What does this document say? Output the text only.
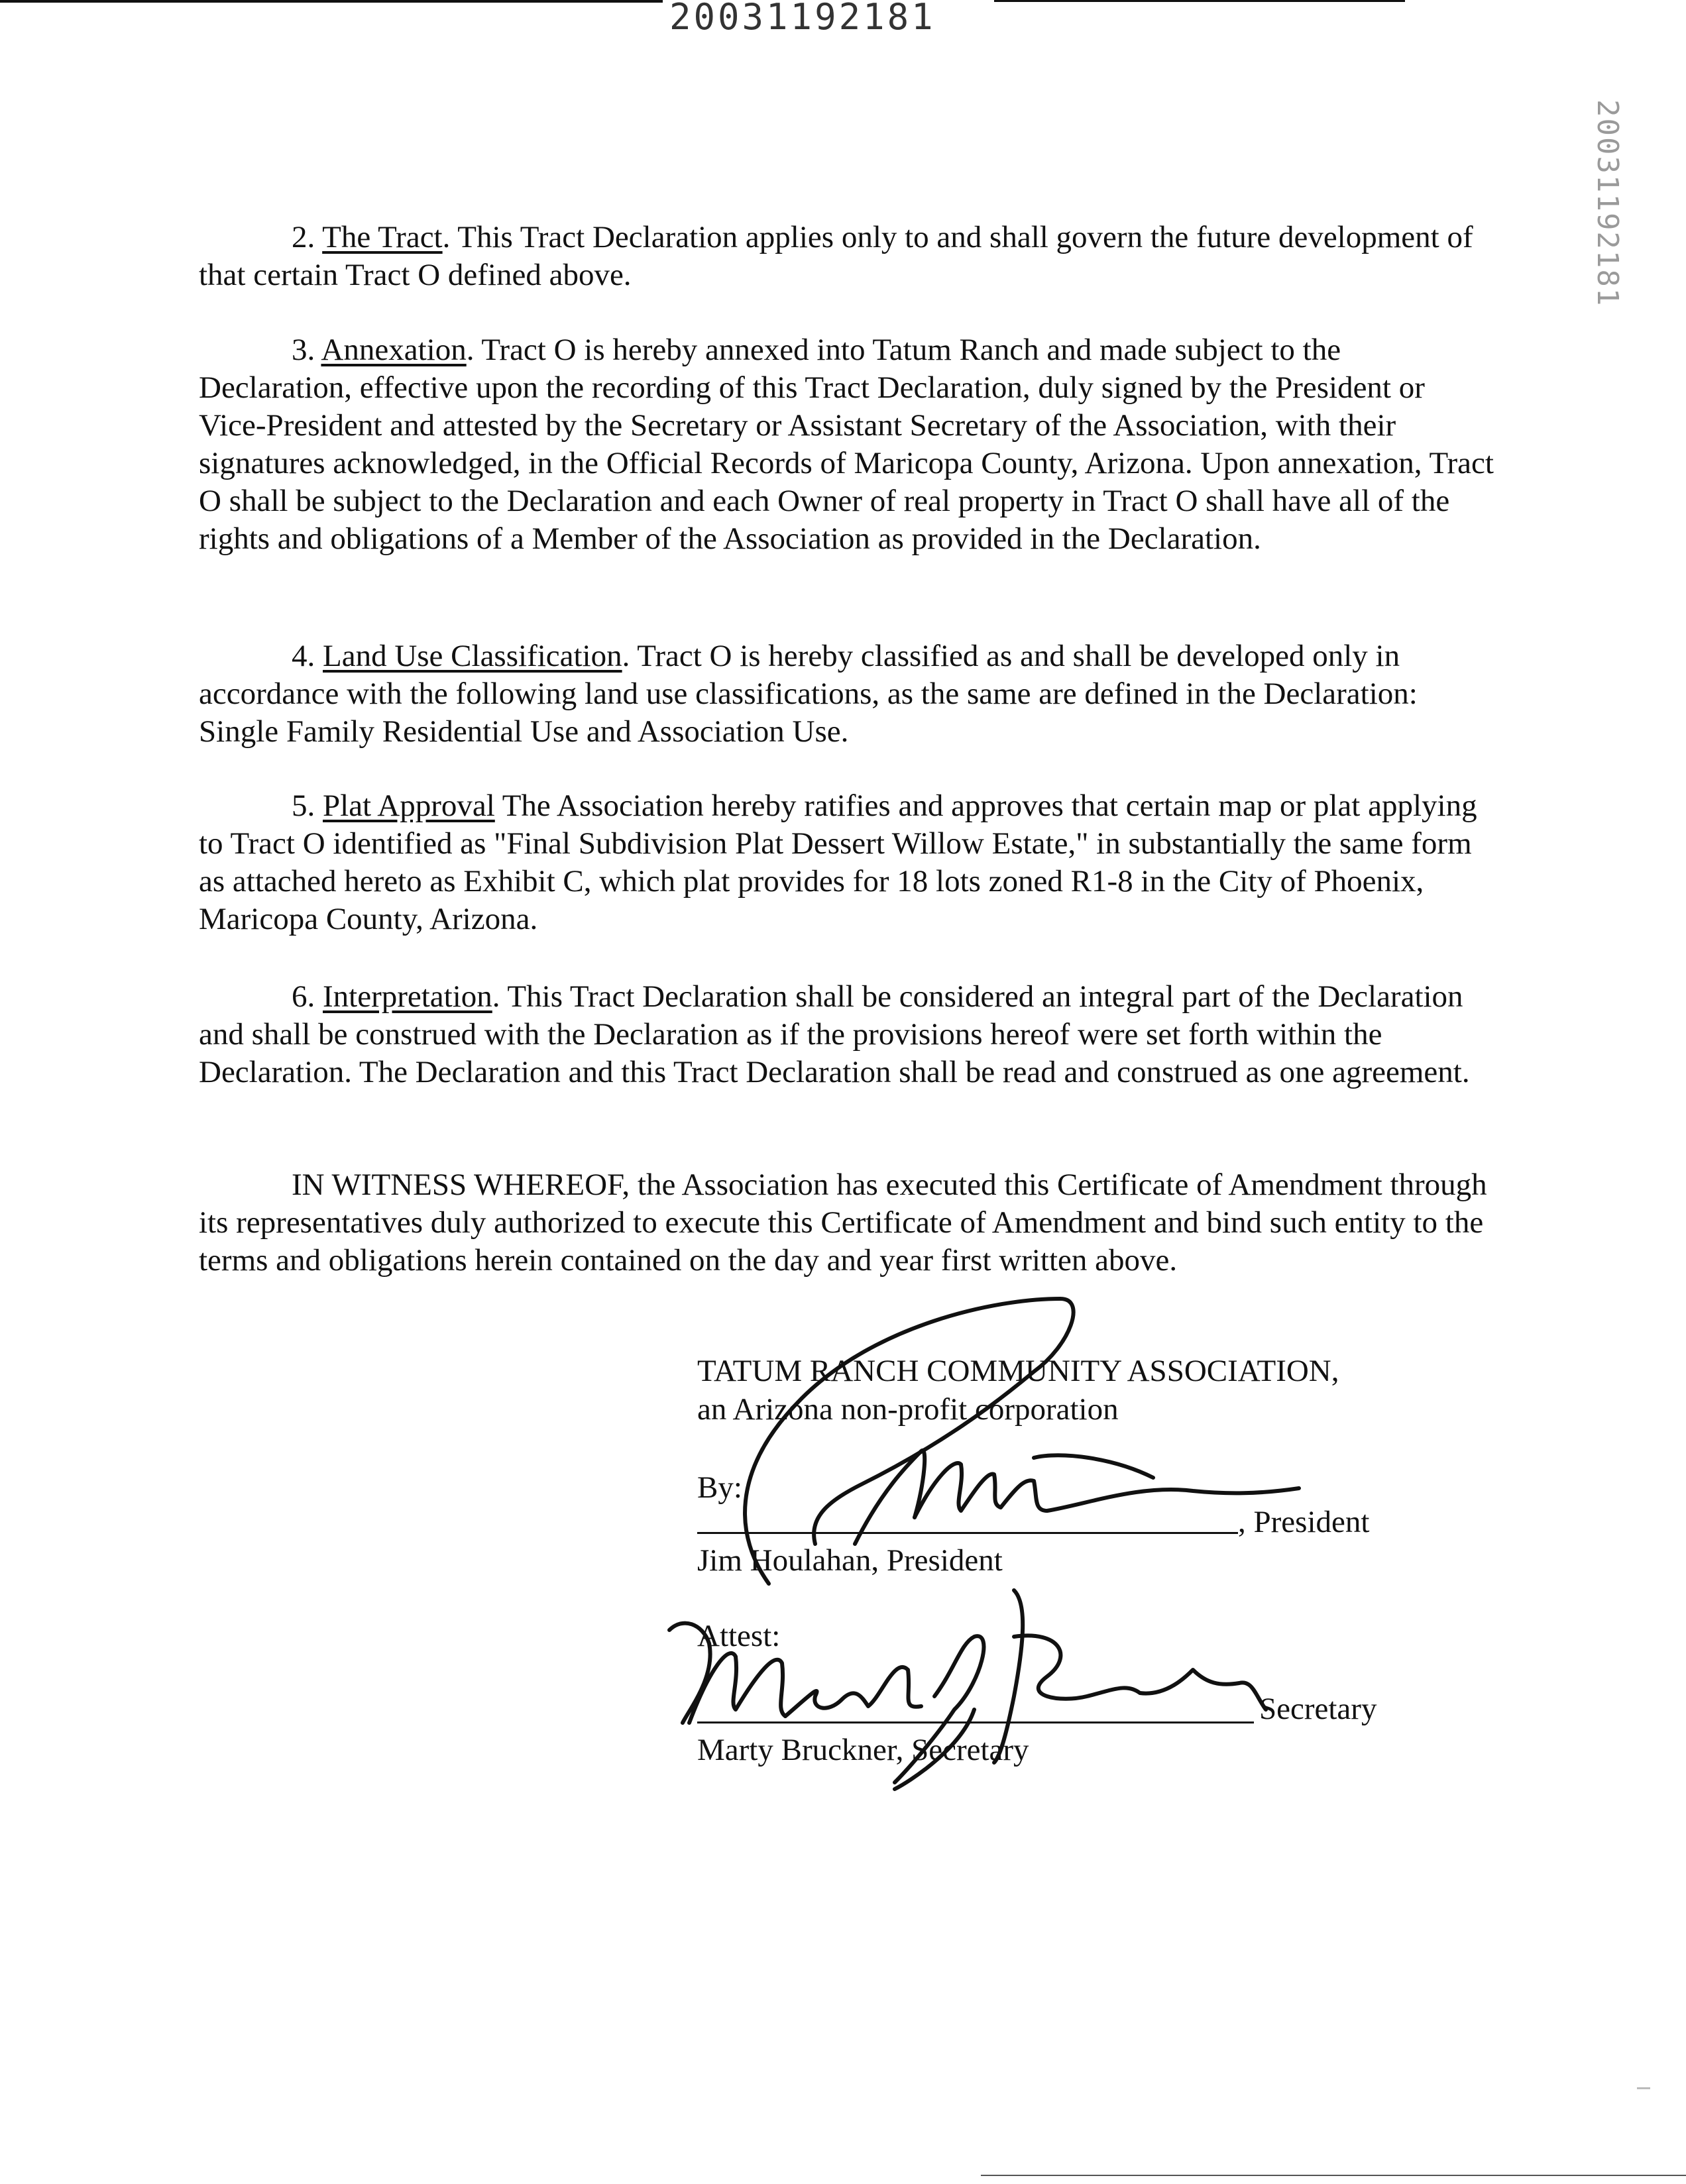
20031192181
20031192181

2. The Tract. This Tract Declaration applies only to and shall govern the future development of that certain Tract O defined above.

3. Annexation. Tract O is hereby annexed into Tatum Ranch and made subject to the Declaration, effective upon the recording of this Tract Declaration, duly signed by the President or Vice-President and attested by the Secretary or Assistant Secretary of the Association, with their signatures acknowledged, in the Official Records of Maricopa County, Arizona. Upon annexation, Tract O shall be subject to the Declaration and each Owner of real property in Tract O shall have all of the rights and obligations of a Member of the Association as provided in the Declaration.

4. Land Use Classification. Tract O is hereby classified as and shall be developed only in accordance with the following land use classifications, as the same are defined in the Declaration: Single Family Residential Use and Association Use.

5. Plat Approval The Association hereby ratifies and approves that certain map or plat applying to Tract O identified as "Final Subdivision Plat Dessert Willow Estate," in substantially the same form as attached hereto as Exhibit C, which plat provides for 18 lots zoned R1-8 in the City of Phoenix, Maricopa County, Arizona.

6. Interpretation. This Tract Declaration shall be considered an integral part of the Declaration and shall be construed with the Declaration as if the provisions hereof were set forth within the Declaration. The Declaration and this Tract Declaration shall be read and construed as one agreement.

IN WITNESS WHEREOF, the Association has executed this Certificate of Amendment through its representatives duly authorized to execute this Certificate of Amendment and bind such entity to the terms and obligations herein contained on the day and year first written above.

TATUM RANCH COMMUNITY ASSOCIATION,
an Arizona non-profit corporation
By:
, President
Jim Houlahan, President
Attest:
Secretary
Marty Bruckner, Secretary
